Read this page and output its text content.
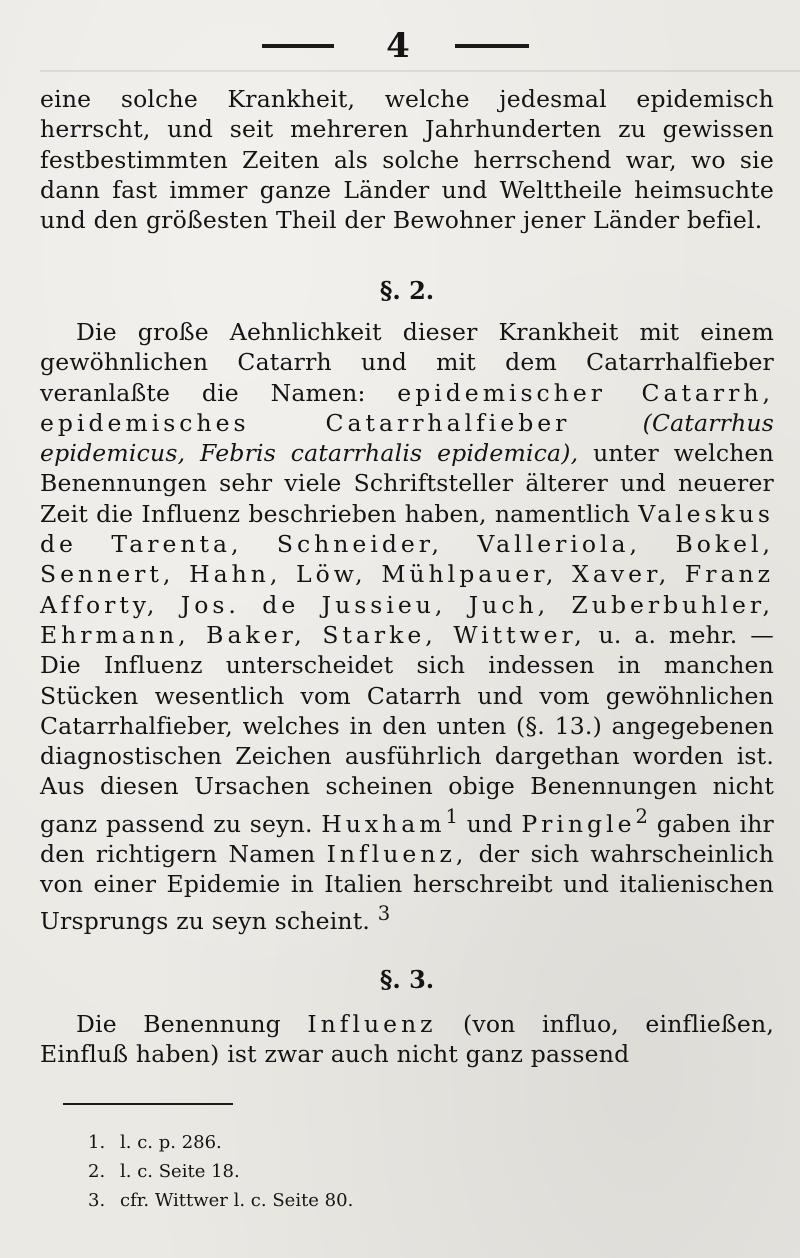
4

eine solche Krankheit, welche jedesmal epidemisch herrscht, und seit mehreren Jahrhunderten zu gewissen festbestimmten Zeiten als solche herrschend war, wo sie dann fast immer ganze Länder und Welttheile heimsuchte und den größesten Theil der Bewohner jener Länder befiel.

§. 2.

Die große Aehnlichkeit dieser Krankheit mit einem gewöhnlichen Catarrh und mit dem Catarrhalfieber veranlaßte die Namen: epidemischer Catarrh, epidemisches Catarrhalfieber	(Catarrhus epidemicus, Febris catarrhalis epidemica), unter welchen Benennungen sehr viele Schriftsteller älterer und neuerer Zeit die Influenz beschrieben haben, namentlich Valeskus de Tarenta, Schneider, Valleriola, Bokel, Sennert, Hahn, Löw, Mühlpauer, Xaver, Franz Afforty, Jos. de Jussieu, Juch, Zuberbuhler, Ehrmann, Baker, Starke, Wittwer, u. a. mehr. — Die Influenz unterscheidet sich indessen in manchen Stücken wesentlich vom Catarrh und vom gewöhnlichen Catarrhalfieber, welches in den unten (§. 13.) angegebenen diagnostischen Zeichen ausführlich dargethan worden ist. Aus diesen Ursachen scheinen obige Benennungen nicht ganz passend zu seyn. Huxham$^1$ und Pringle$^2$ gaben ihr den richtigern Namen Influenz, der sich wahrscheinlich von einer Epidemie in Italien herschreibt und italienischen Ursprungs zu seyn scheint. $^3$

§. 3.

Die Benennung Influenz (von influo, einfließen, Einfluß haben) ist zwar auch nicht ganz passend

1. l. c. p. 286.
2. l. c. Seite 18.
3. cfr. Wittwer l. c. Seite 80.
